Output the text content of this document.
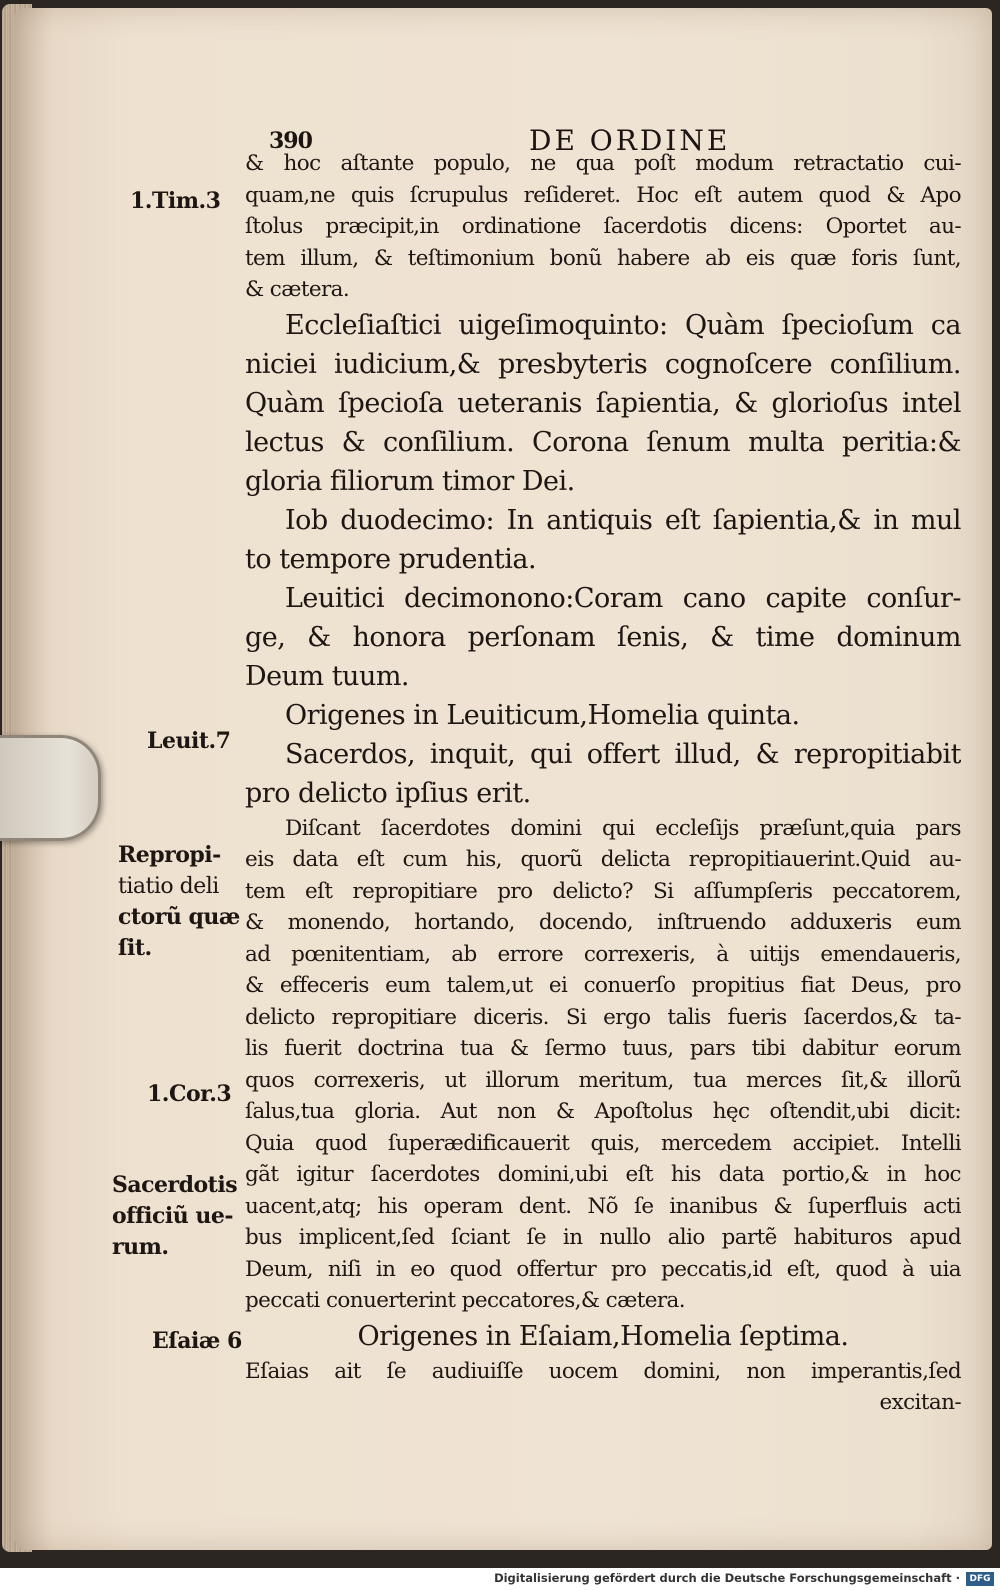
390	DE ORDINE
1.Tim.3
Leuit.7
Repropi-
tiatio deli
ctorũ quæ
ſit.
1.Cor.3
Sacerdotis
officiũ ue-
rum.
Eſaiæ 6
& hoc aſtante populo, ne qua poſt modum retractatio cui-
quam,ne quis ſcrupulus reſideret. Hoc eſt autem quod & Apo
ſtolus præcipit,in ordinatione ſacerdotis dicens: Oportet au-
tem illum, & teſtimonium bonũ habere ab eis quæ foris ſunt,
& cætera.
Eccleſiaſtici uigeſimoquinto: Quàm ſpecioſum ca
niciei iudicium,& presbyteris cognoſcere conſilium.
Quàm ſpecioſa ueteranis ſapientia, & glorioſus intel
lectus & conſilium. Corona ſenum multa peritia:&
gloria filiorum timor Dei.
Iob duodecimo: In antiquis eſt ſapientia,& in mul
to tempore prudentia.
Leuitici decimonono:Coram cano capite conſur-
ge, & honora perſonam ſenis, & time dominum
Deum tuum.
Origenes in Leuiticum,Homelia quinta.
Sacerdos, inquit, qui offert illud, & repropitiabit
pro delicto ipſius erit.
Diſcant ſacerdotes domini qui eccleſijs præſunt,quia pars
eis data eſt cum his, quorũ delicta repropitiauerint.Quid au-
tem eſt repropitiare pro delicto? Si aſſumpſeris peccatorem,
& monendo, hortando, docendo, inſtruendo adduxeris eum
ad pœnitentiam, ab errore correxeris, à uitijs emendaueris,
& effeceris eum talem,ut ei conuerſo propitius fiat Deus, pro
delicto repropitiare diceris. Si ergo talis fueris ſacerdos,& ta-
lis fuerit doctrina tua & ſermo tuus, pars tibi dabitur eorum
quos correxeris, ut illorum meritum, tua merces ſit,& illorũ
ſalus,tua gloria. Aut non & Apoſtolus hęc oſtendit,ubi dicit:
Quia quod ſuperædificauerit quis, mercedem accipiet. Intelli
gãt igitur ſacerdotes domini,ubi eſt his data portio,& in hoc
uacent,atq; his operam dent. Nõ ſe inanibus & ſuperfluis acti
bus implicent,ſed ſciant ſe in nullo alio partẽ habituros apud
Deum, niſi in eo quod offertur pro peccatis,id eſt, quod à uia
peccati conuerterint peccatores,& cætera.
Origenes in Eſaiam,Homelia ſeptima.
Eſaias ait ſe audiuiſſe uocem domini, non imperantis,ſed
excitan-
Digitalisierung gefördert durch die Deutsche Forschungsgemeinschaft ·	DFG
